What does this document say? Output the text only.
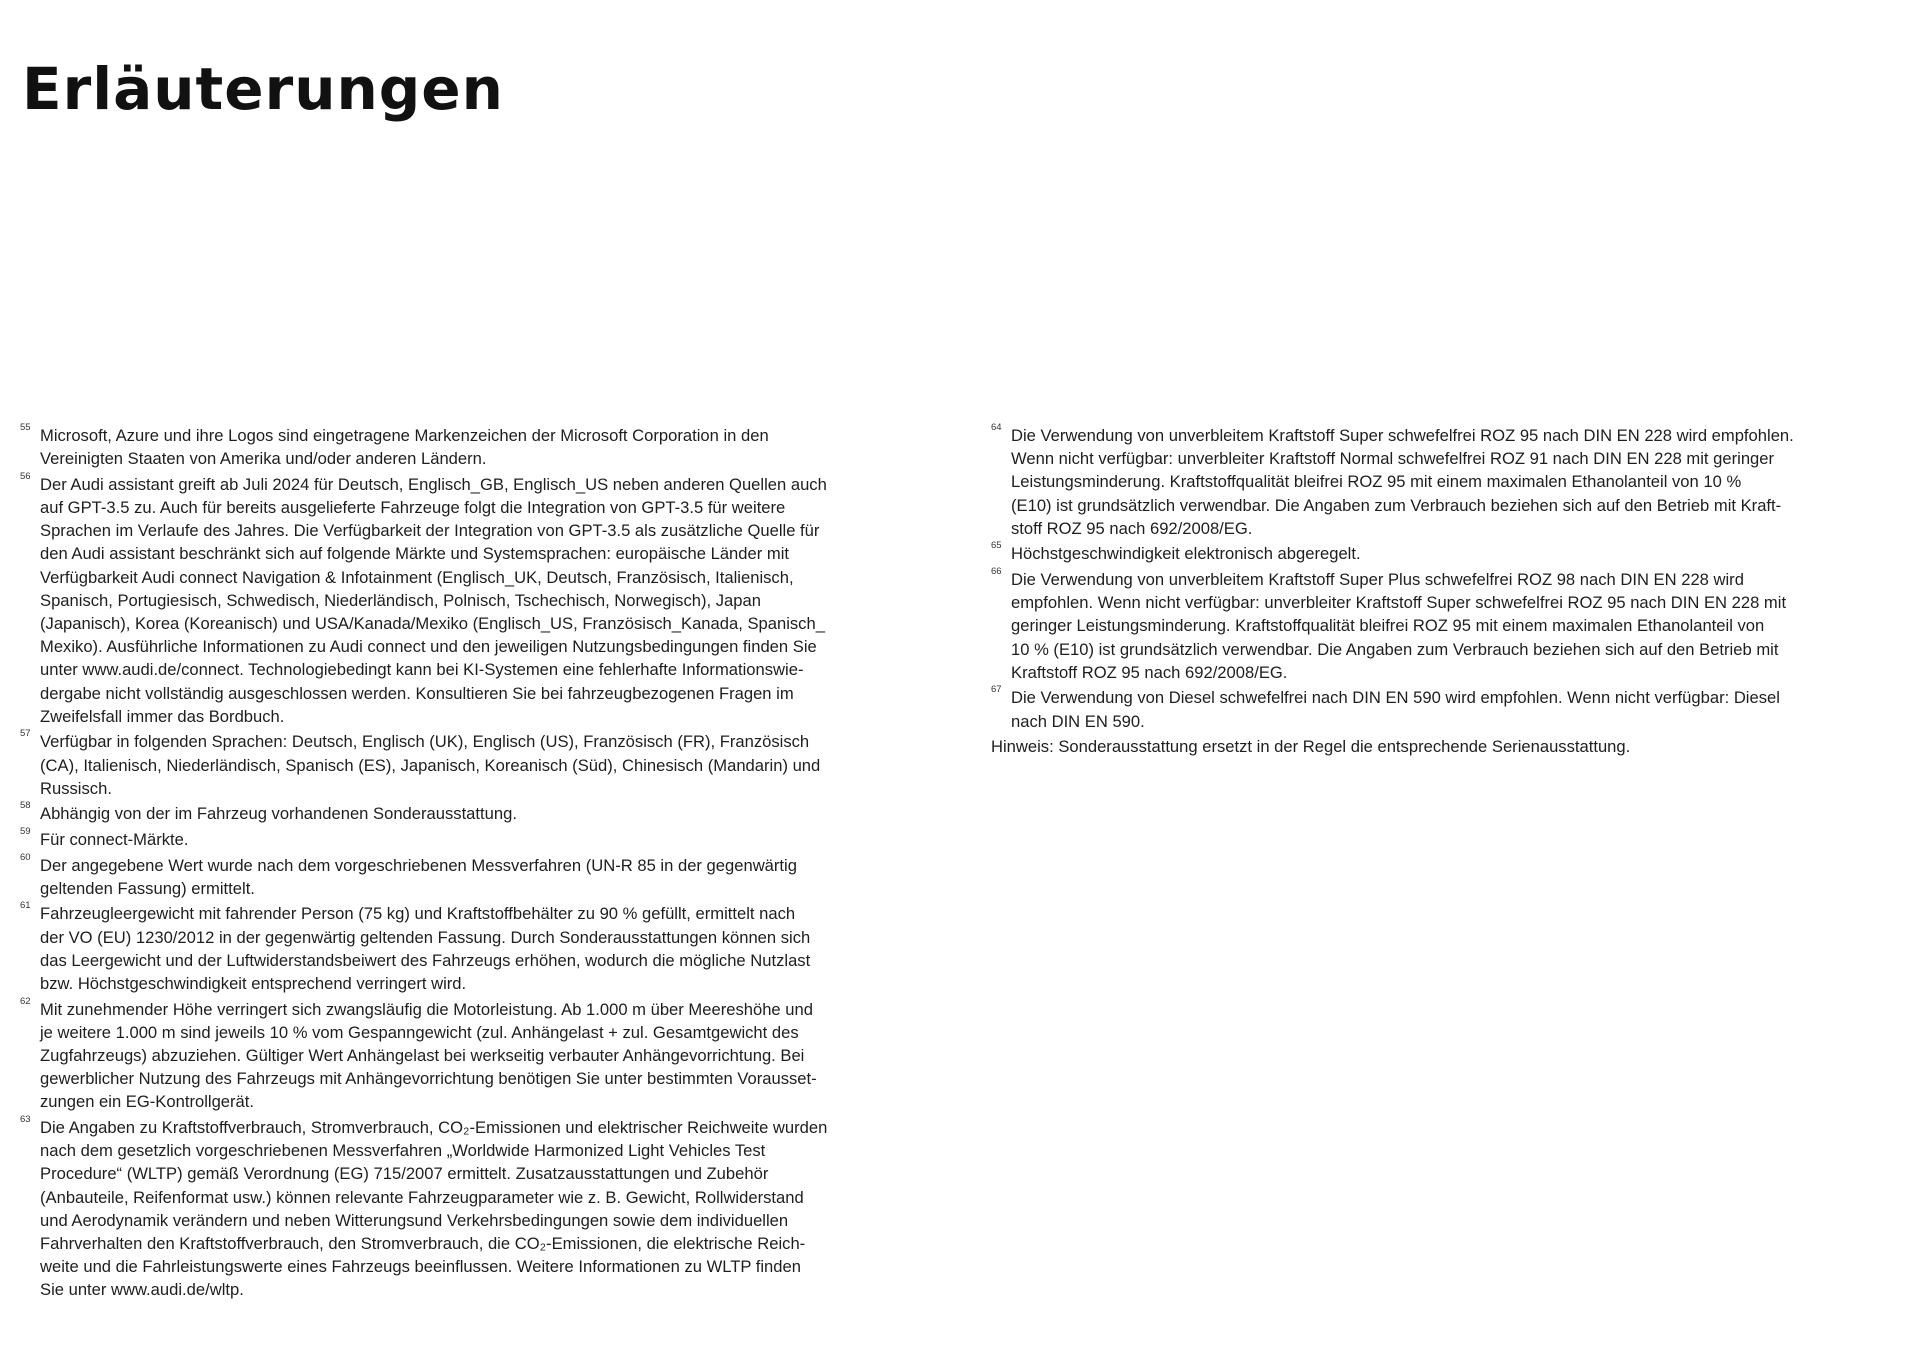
Erläuterungen
55 Microsoft, Azure und ihre Logos sind eingetragene Markenzeichen der Microsoft Corporation in den
Vereinigten Staaten von Amerika und/oder anderen Ländern.
56 Der Audi assistant greift ab Juli 2024 für Deutsch, Englisch_GB, Englisch_US neben anderen Quellen auch
auf GPT-3.5 zu. Auch für bereits ausgelieferte Fahrzeuge folgt die Integration von GPT-3.5 für weitere
Sprachen im Verlaufe des Jahres. Die Verfügbarkeit der Integration von GPT-3.5 als zusätzliche Quelle für
den Audi assistant beschränkt sich auf folgende Märkte und Systemsprachen: europäische Länder mit
Verfügbarkeit Audi connect Navigation & Infotainment (Englisch_UK, Deutsch, Französisch, Italienisch,
Spanisch, Portugiesisch, Schwedisch, Niederländisch, Polnisch, Tschechisch, Norwegisch), Japan
(Japanisch), Korea (Koreanisch) und USA/Kanada/Mexiko (Englisch_US, Französisch_Kanada, Spanisch_
Mexiko). Ausführliche Informationen zu Audi connect und den jeweiligen Nutzungsbedingungen finden Sie
unter www.audi.de/connect. Technologiebedingt kann bei KI-Systemen eine fehlerhafte Informationswie-
dergabe nicht vollständig ausgeschlossen werden. Konsultieren Sie bei fahrzeugbezogenen Fragen im
Zweifelsfall immer das Bordbuch.
57 Verfügbar in folgenden Sprachen: Deutsch, Englisch (UK), Englisch (US), Französisch (FR), Französisch
(CA), Italienisch, Niederländisch, Spanisch (ES), Japanisch, Koreanisch (Süd), Chinesisch (Mandarin) und
Russisch.
58 Abhängig von der im Fahrzeug vorhandenen Sonderausstattung.
59 Für connect-Märkte.
60 Der angegebene Wert wurde nach dem vorgeschriebenen Messverfahren (UN-R 85 in der gegenwärtig
geltenden Fassung) ermittelt.
61 Fahrzeugleergewicht mit fahrender Person (75 kg) und Kraftstoffbehälter zu 90 % gefüllt, ermittelt nach
der VO (EU) 1230/2012 in der gegenwärtig geltenden Fassung. Durch Sonderausstattungen können sich
das Leergewicht und der Luftwiderstandsbeiwert des Fahrzeugs erhöhen, wodurch die mögliche Nutzlast
bzw. Höchstgeschwindigkeit entsprechend verringert wird.
62 Mit zunehmender Höhe verringert sich zwangsläufig die Motorleistung. Ab 1.000 m über Meereshöhe und
je weitere 1.000 m sind jeweils 10 % vom Gespanngewicht (zul. Anhängelast + zul. Gesamtgewicht des
Zugfahrzeugs) abzuziehen. Gültiger Wert Anhängelast bei werkseitig verbauter Anhängevorrichtung. Bei
gewerblicher Nutzung des Fahrzeugs mit Anhängevorrichtung benötigen Sie unter bestimmten Vorausset-
zungen ein EG-Kontrollgerät.
63 Die Angaben zu Kraftstoffverbrauch, Stromverbrauch, CO₂-Emissionen und elektrischer Reichweite wurden
nach dem gesetzlich vorgeschriebenen Messverfahren „Worldwide Harmonized Light Vehicles Test
Procedure“ (WLTP) gemäß Verordnung (EG) 715/2007 ermittelt. Zusatzausstattungen und Zubehör
(Anbauteile, Reifenformat usw.) können relevante Fahrzeugparameter wie z. B. Gewicht, Rollwiderstand
und Aerodynamik verändern und neben Witterungsund Verkehrsbedingungen sowie dem individuellen
Fahrverhalten den Kraftstoffverbrauch, den Stromverbrauch, die CO₂-Emissionen, die elektrische Reich-
weite und die Fahrleistungswerte eines Fahrzeugs beeinflussen. Weitere Informationen zu WLTP finden
Sie unter www.audi.de/wltp.
64 Die Verwendung von unverbleitem Kraftstoff Super schwefelfrei ROZ 95 nach DIN EN 228 wird empfohlen.
Wenn nicht verfügbar: unverbleiter Kraftstoff Normal schwefelfrei ROZ 91 nach DIN EN 228 mit geringer
Leistungsminderung. Kraftstoffqualität bleifrei ROZ 95 mit einem maximalen Ethanolanteil von 10 %
(E10) ist grundsätzlich verwendbar. Die Angaben zum Verbrauch beziehen sich auf den Betrieb mit Kraft-
stoff ROZ 95 nach 692/2008/EG.
65 Höchstgeschwindigkeit elektronisch abgeregelt.
66 Die Verwendung von unverbleitem Kraftstoff Super Plus schwefelfrei ROZ 98 nach DIN EN 228 wird
empfohlen. Wenn nicht verfügbar: unverbleiter Kraftstoff Super schwefelfrei ROZ 95 nach DIN EN 228 mit
geringer Leistungsminderung. Kraftstoffqualität bleifrei ROZ 95 mit einem maximalen Ethanolanteil von
10 % (E10) ist grundsätzlich verwendbar. Die Angaben zum Verbrauch beziehen sich auf den Betrieb mit
Kraftstoff ROZ 95 nach 692/2008/EG.
67 Die Verwendung von Diesel schwefelfrei nach DIN EN 590 wird empfohlen. Wenn nicht verfügbar: Diesel
nach DIN EN 590.

Hinweis: Sonderausstattung ersetzt in der Regel die entsprechende Serienausstattung.
